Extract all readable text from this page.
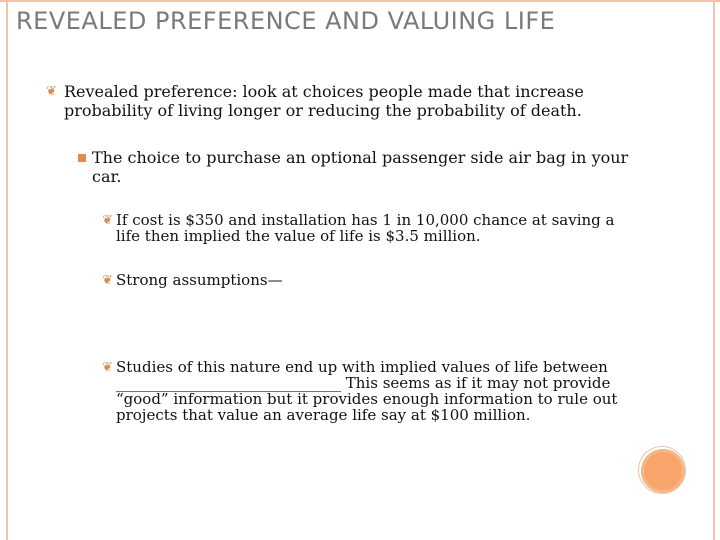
REVEALED PREFERENCE AND VALUING LIFE
❦ Revealed preference: look at choices people made that increase probability of living longer or reducing the probability of death.
The choice to purchase an optional passenger side air bag in your car.
❦ If cost is $350 and installation has 1 in 10,000 chance at saving a life then implied the value of life is $3.5 million.
❦ Strong assumptions—
❦ Studies of this nature end up with implied values of life between ______________________________ This seems as if it may not provide “good” information but it provides enough information to rule out projects that value an average life say at $100 million.
